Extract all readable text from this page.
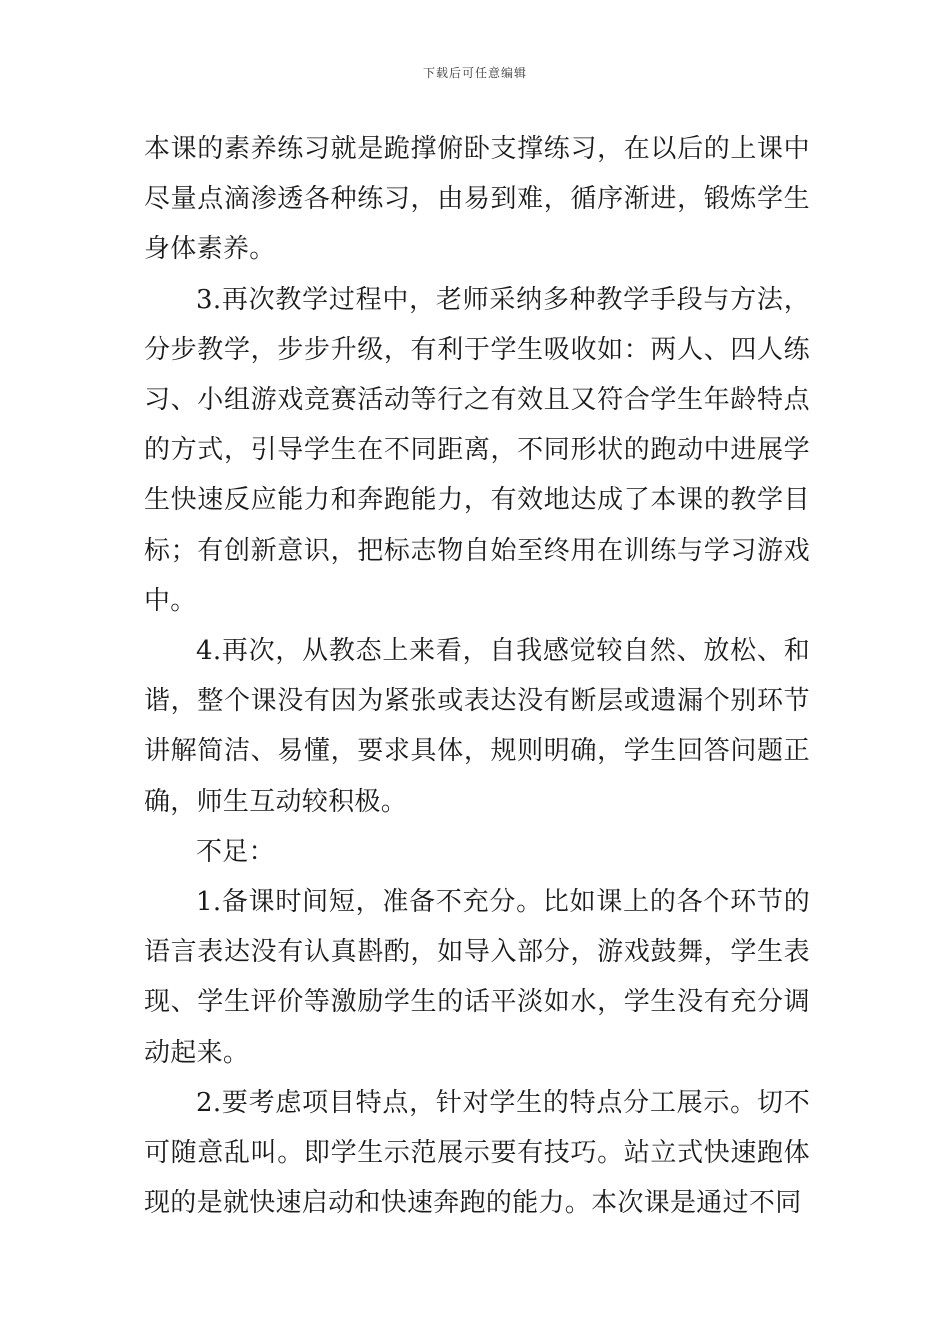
下载后可任意编辑

本课的素养练习就是跪撑俯卧支撑练习，在以后的上课中尽量点滴渗透各种练习，由易到难，循序渐进，锻炼学生身体素养。

3.再次教学过程中，老师采纳多种教学手段与方法，分步教学，步步升级，有利于学生吸收如：两人、四人练习、小组游戏竞赛活动等行之有效且又符合学生年龄特点的方式，引导学生在不同距离，不同形状的跑动中进展学生快速反应能力和奔跑能力，有效地达成了本课的教学目标；有创新意识，把标志物自始至终用在训练与学习游戏中。

4.再次，从教态上来看，自我感觉较自然、放松、和谐，整个课没有因为紧张或表达没有断层或遗漏个别环节讲解简洁、易懂，要求具体，规则明确，学生回答问题正确，师生互动较积极。

不足：

1.备课时间短，准备不充分。比如课上的各个环节的语言表达没有认真斟酌，如导入部分，游戏鼓舞，学生表现、学生评价等激励学生的话平淡如水，学生没有充分调动起来。

2.要考虑项目特点，针对学生的特点分工展示。切不可随意乱叫。即学生示范展示要有技巧。站立式快速跑体现的是就快速启动和快速奔跑的能力。本次课是通过不同
